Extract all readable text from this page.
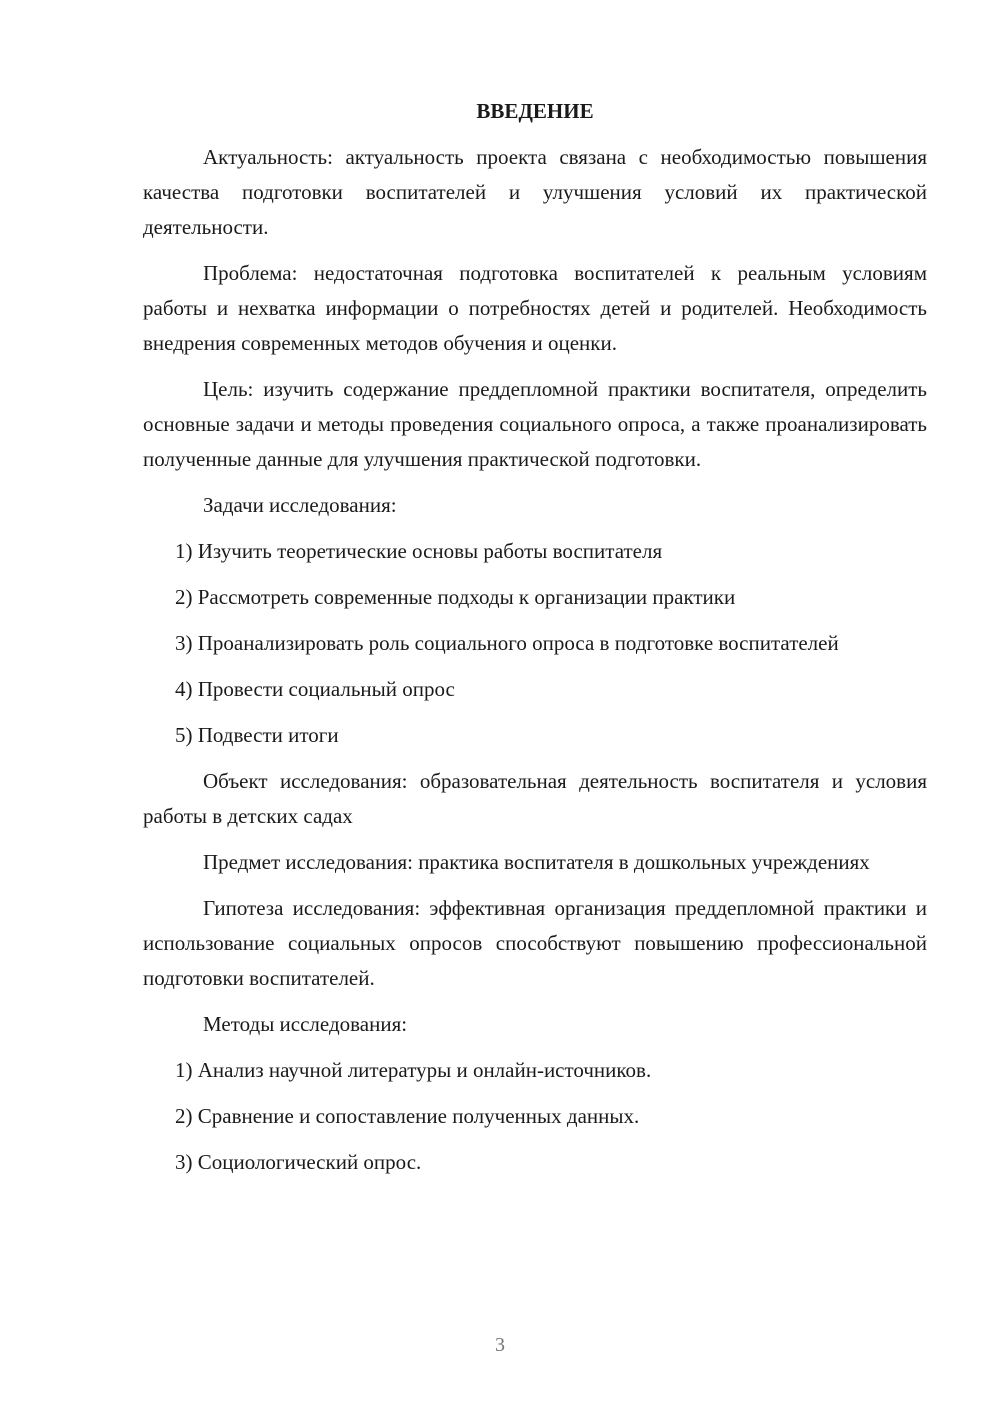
ВВЕДЕНИЕ

Актуальность: актуальность проекта связана с необходимостью повышения качества подготовки воспитателей и улучшения условий их практической деятельности.

Проблема: недостаточная подготовка воспитателей к реальным условиям работы и нехватка информации о потребностях детей и родителей. Необходимость внедрения современных методов обучения и оценки.

Цель: изучить содержание преддепломной практики воспитателя, определить основные задачи и методы проведения социального опроса, а также проанализировать полученные данные для улучшения практической подготовки.

Задачи исследования:

1) Изучить теоретические основы работы воспитателя

2) Рассмотреть современные подходы к организации практики

3) Проанализировать роль социального опроса в подготовке воспитателей

4) Провести социальный опрос

5) Подвести итоги

Объект исследования: образовательная деятельность воспитателя и условия работы в детских садах

Предмет исследования: практика воспитателя в дошкольных учреждениях

Гипотеза исследования: эффективная организация преддепломной практики и использование социальных опросов способствуют повышению профессиональной подготовки воспитателей.

Методы исследования:

1) Анализ научной литературы и онлайн-источников.

2) Сравнение и сопоставление полученных данных.

3) Социологический опрос.

3
